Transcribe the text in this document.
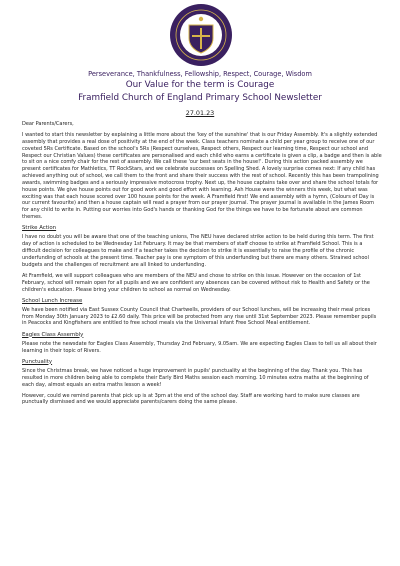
Perseverance, Thankfulness, Fellowship, Respect, Courage, Wisdom
Our Value for the term is Courage
Framfield Church of England Primary School Newsletter
27.01.23

Dear Parents/Carers,

I wanted to start this newsletter by explaining a little more about the 'key of the sunshine' that is our Friday Assembly. It's a slightly extended assembly that provides a real dose of positivity at the end of the week. Class teachers nominate a child per year group to receive one of our coveted 5Rs Certificate. Based on the school's 5Rs (Respect ourselves, Respect others, Respect our learning time, Respect our school and Respect our Christian Values) these certificates are personalised and each child who earns a certificate is given a clip, a badge and then is able to sit on a nice comfy chair for the rest of assembly. We call these 'our best seats in the house!'. During this action packed assembly we present certificates for Mathletics, TT RockStars, and we celebrate successes on Spelling Shed. A lovely surprise comes next: If any child has achieved anything out of school, we call them to the front and share their success with the rest of school. Recently this has been trampolining awards, swimming badges and a seriously impressive motocross trophy. Next up, the house captains take over and share the school totals for house points. We give house points out for good work and good effort with learning. Ash House were the winners this week, but what was exciting was that each house scored over 100 house points for the week. A Framfield first! We end assembly with a hymn, (Colours of Day is our current favourite) and then a house captain will read a prayer from our prayer journal. The prayer journal is available in the James Room for any child to write in. Putting our worries into God's hands or thanking God for the things we have to be fortunate about are common themes.

Strike Action

I have no doubt you will be aware that one of the teaching unions, The NEU have declared strike action to be held during this term. The first day of action is scheduled to be Wednesday 1st February. It may be that members of staff choose to strike at Framfield School. This is a difficult decision for colleagues to make and if a teacher takes the decision to strike it is essentially to raise the profile of the chronic underfunding of schools at the present time. Teacher pay is one symptom of this underfunding but there are many others. Strained school budgets and the challenges of recruitment are all linked to underfunding.

At Framfield, we will support colleagues who are members of the NEU and chose to strike on this issue. However on the occasion of 1st February, school will remain open for all pupils and we are confident any absences can be covered without risk to Health and Safety or the children's education. Please bring your children to school as normal on Wednesday.

School Lunch Increase

We have been notified via East Sussex County Council that Chartwells, providers of our School lunches, will be increasing their meal prices from Monday 30th January 2023 to £2.60 daily. This price will be protected from any rise until 31st September 2023. Please remember pupils in Peacocks and Kingfishers are entitled to free school meals via the Universal Infant Free School Meal entitlement.

Eagles Class Assembly

Please note the newsdate for Eagles Class Assembly, Thursday 2nd February, 9.05am. We are expecting Eagles Class to tell us all about their learning in their topic of Rivers.

Punctuality

Since the Christmas break, we have noticed a huge improvement in pupils' punctuality at the beginning of the day. Thank you. This has resulted in more children being able to complete their Early Bird Maths session each morning. 10 minutes extra maths at the beginning of each day, almost equals an extra maths lesson a week!

However, could we remind parents that pick up is at 3pm at the end of the school day. Staff are working hard to make sure classes are punctually dismissed and we would appreciate parents/carers doing the same please.
